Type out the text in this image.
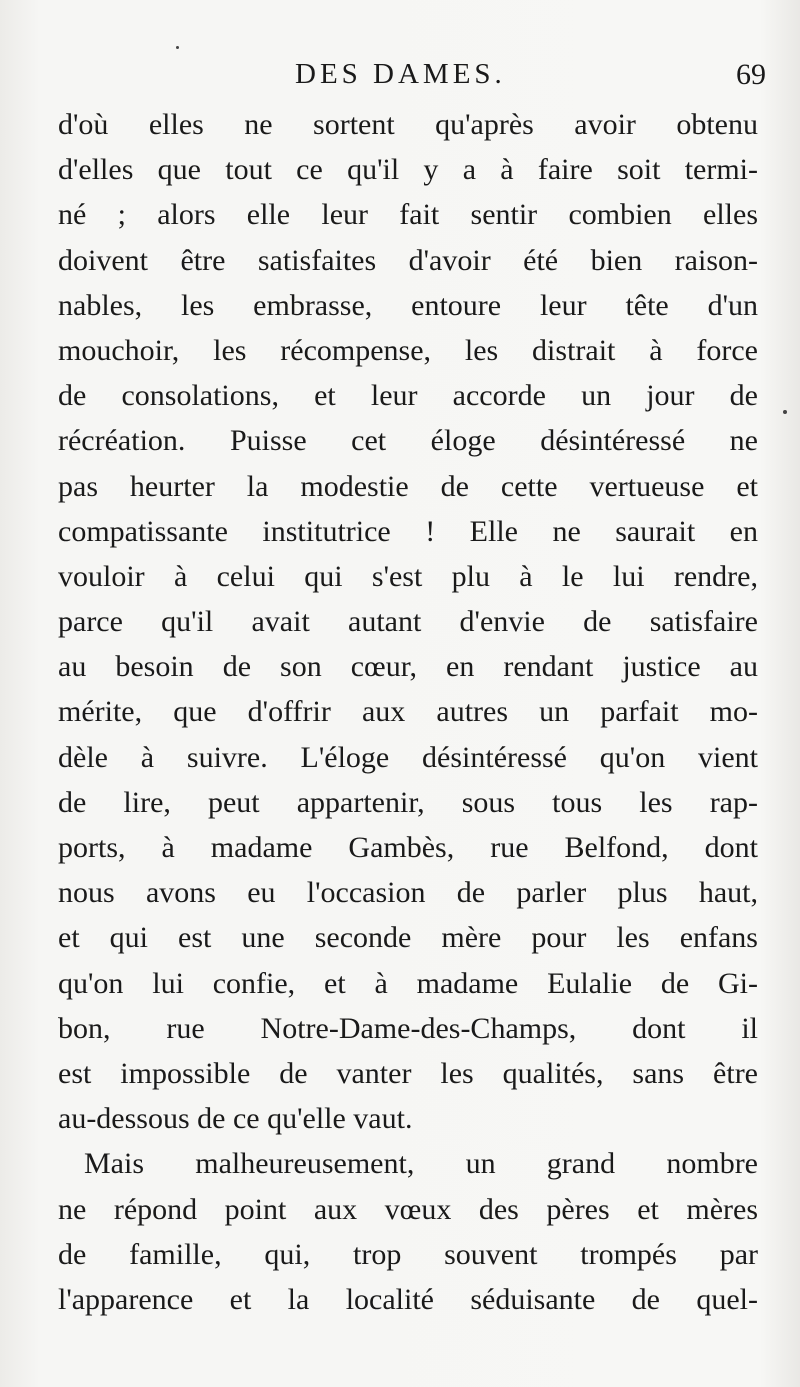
DES DAMES.	69
d'où elles ne sortent qu'après avoir obtenu
d'elles que tout ce qu'il y a à faire soit termi-
né ; alors elle leur fait sentir combien elles
doivent être satisfaites d'avoir été bien raison-
nables, les embrasse, entoure leur tête d'un
mouchoir, les récompense, les distrait à force
de consolations, et leur accorde un jour de
récréation. Puisse cet éloge désintéressé ne
pas heurter la modestie de cette vertueuse et
compatissante institutrice ! Elle ne saurait en
vouloir à celui qui s'est plu à le lui rendre,
parce qu'il avait autant d'envie de satisfaire
au besoin de son cœur, en rendant justice au
mérite, que d'offrir aux autres un parfait mo-
dèle à suivre. L'éloge désintéressé qu'on vient
de lire, peut appartenir, sous tous les rap-
ports, à madame Gambès, rue Belfond, dont
nous avons eu l'occasion de parler plus haut,
et qui est une seconde mère pour les enfans
qu'on lui confie, et à madame Eulalie de Gi-
bon, rue Notre-Dame-des-Champs, dont il
est impossible de vanter les qualités, sans être
au-dessous de ce qu'elle vaut.
Mais malheureusement, un grand nombre
ne répond point aux vœux des pères et mères
de famille, qui, trop souvent trompés par
l'apparence et la localité séduisante de quel-
